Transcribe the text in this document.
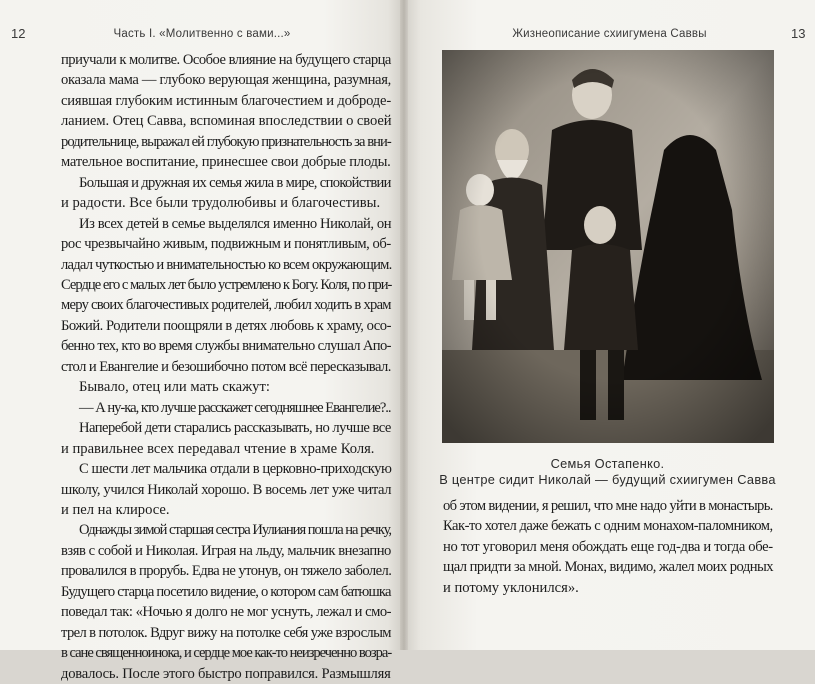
12	Часть I. «Молитвенно с вами...»	Жизнеописание схиигумена Саввы	13
приучали к молитве. Особое влияние на будущего старца
оказала мама — глубоко верующая женщина, разумная,
сиявшая глубоким истинным благочестием и доброде-
ланием. Отец Савва, вспоминая впоследствии о своей
родительнице, выражал ей глубокую признательность за вни-
мательное воспитание, принесшее свои добрые плоды.
Большая и дружная их семья жила в мире, спокойствии
и радости. Все были трудолюбивы и благочестивы.
Из всех детей в семье выделялся именно Николай, он
рос чрезвычайно живым, подвижным и понятливым, об-
ладал чуткостью и внимательностью ко всем окружающим.
Сердце его с малых лет было устремлено к Богу. Коля, по при-
меру своих благочестивых родителей, любил ходить в храм
Божий. Родители поощряли в детях любовь к храму, осо-
бенно тех, кто во время службы внимательно слушал Апо-
стол и Евангелие и безошибочно потом всё пересказывал.
Бывало, отец или мать скажут:
— А ну-ка, кто лучше расскажет сегодняшнее Евангелие?..
Наперебой дети старались рассказывать, но лучше все
и правильнее всех передавал чтение в храме Коля.
С шести лет мальчика отдали в церковно-приходскую
школу, учился Николай хорошо. В восемь лет уже читал
и пел на клиросе.
Однажды зимой старшая сестра Иулиания пошла на речку,
взяв с собой и Николая. Играя на льду, мальчик внезапно
провалился в прорубь. Едва не утонув, он тяжело заболел.
Будущего старца посетило видение, о котором сам батюшка
поведал так: «Ночью я долго не мог уснуть, лежал и смо-
трел в потолок. Вдруг вижу на потолке себя уже взрослым
в сане священноинока, и сердце мое как-то неизреченно возра-
довалось. После этого быстро поправился. Размышляя
Семья Остапенко.
В центре сидит Николай — будущий схиигумен Савва
об этом видении, я решил, что мне надо уйти в монастырь.
Как-то хотел даже бежать с одним монахом-паломником,
но тот уговорил меня обождать еще год-два и тогда обе-
щал придти за мной. Монах, видимо, жалел моих родных
и потому уклонился».
